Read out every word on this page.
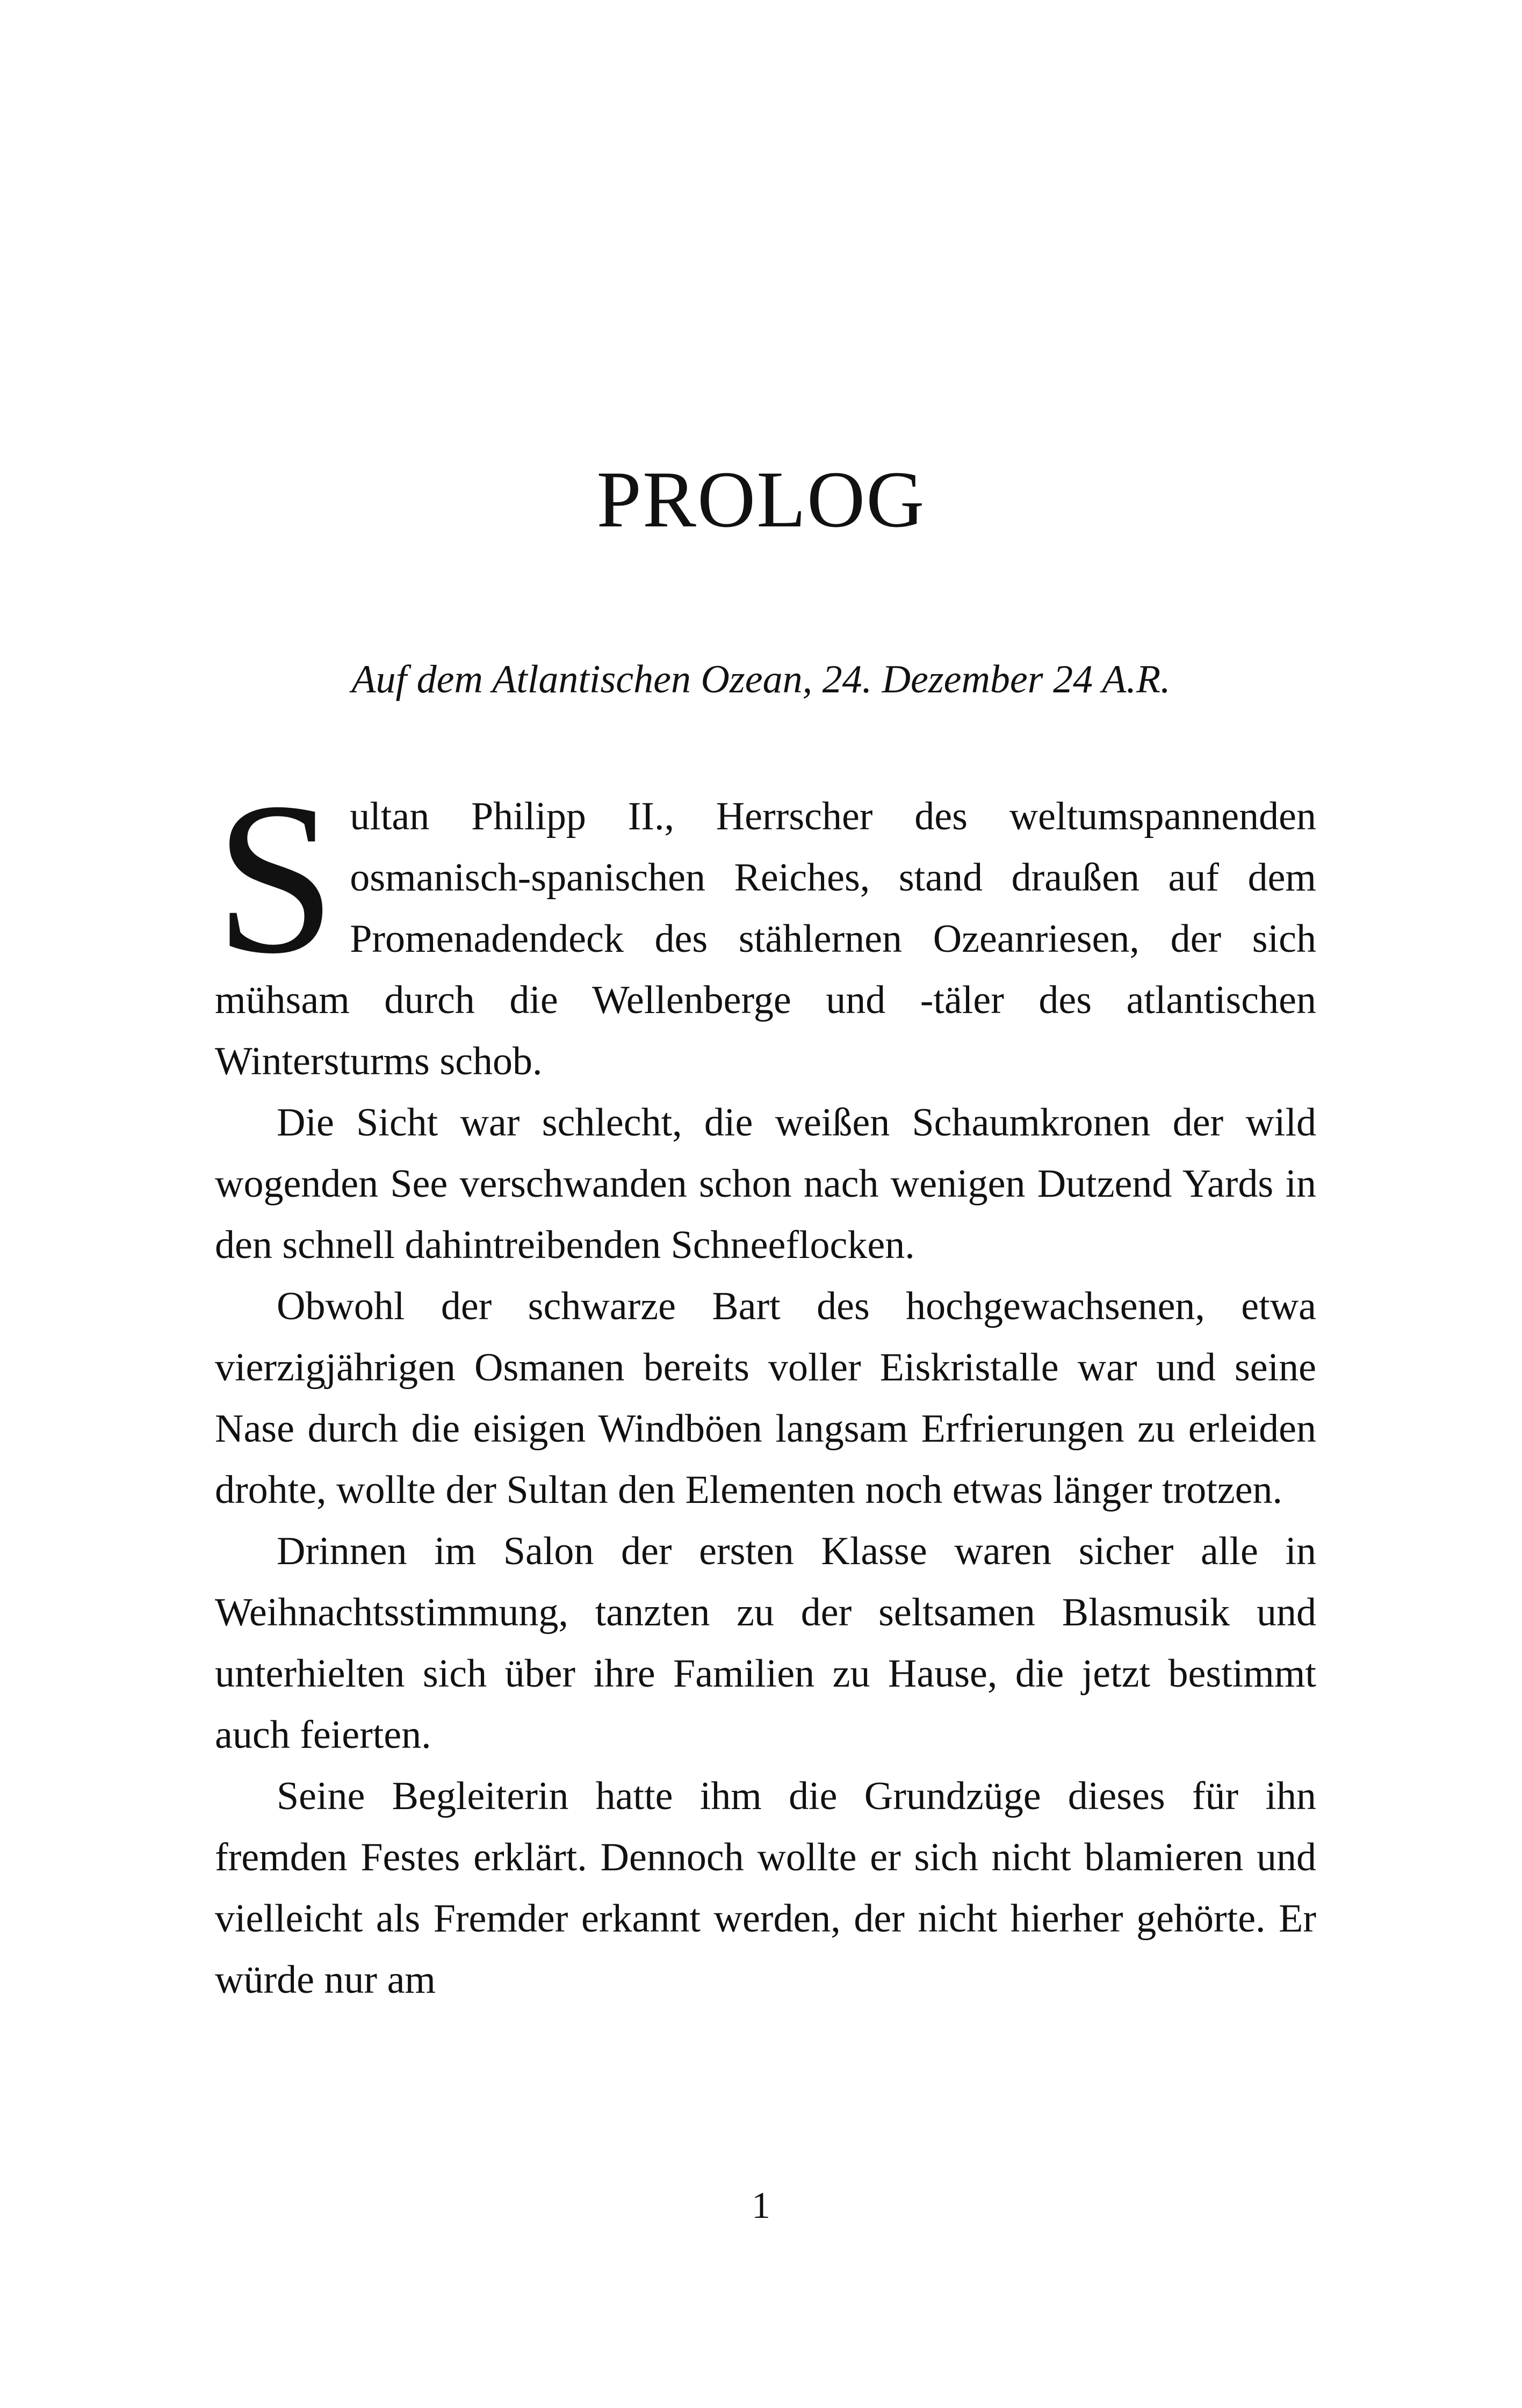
PROLOG

Auf dem Atlantischen Ozean, 24. Dezember 24 A.R.

Sultan Philipp II., Herrscher des weltumspannenden osmanisch-spanischen Reiches, stand draußen auf dem Promenadendeck des stählernen Ozeanriesen, der sich mühsam durch die Wellenberge und -täler des atlantischen Wintersturms schob.

Die Sicht war schlecht, die weißen Schaumkronen der wild wogenden See verschwanden schon nach wenigen Dutzend Yards in den schnell dahintreibenden Schneeflocken.

Obwohl der schwarze Bart des hochgewachsenen, etwa vierzigjährigen Osmanen bereits voller Eiskristalle war und seine Nase durch die eisigen Windböen langsam Erfrierungen zu erleiden drohte, wollte der Sultan den Elementen noch etwas länger trotzen.

Drinnen im Salon der ersten Klasse waren sicher alle in Weihnachtsstimmung, tanzten zu der seltsamen Blasmusik und unterhielten sich über ihre Familien zu Hause, die jetzt bestimmt auch feierten.

Seine Begleiterin hatte ihm die Grundzüge dieses für ihn fremden Festes erklärt. Dennoch wollte er sich nicht blamieren und vielleicht als Fremder erkannt werden, der nicht hierher gehörte. Er würde nur am

1
